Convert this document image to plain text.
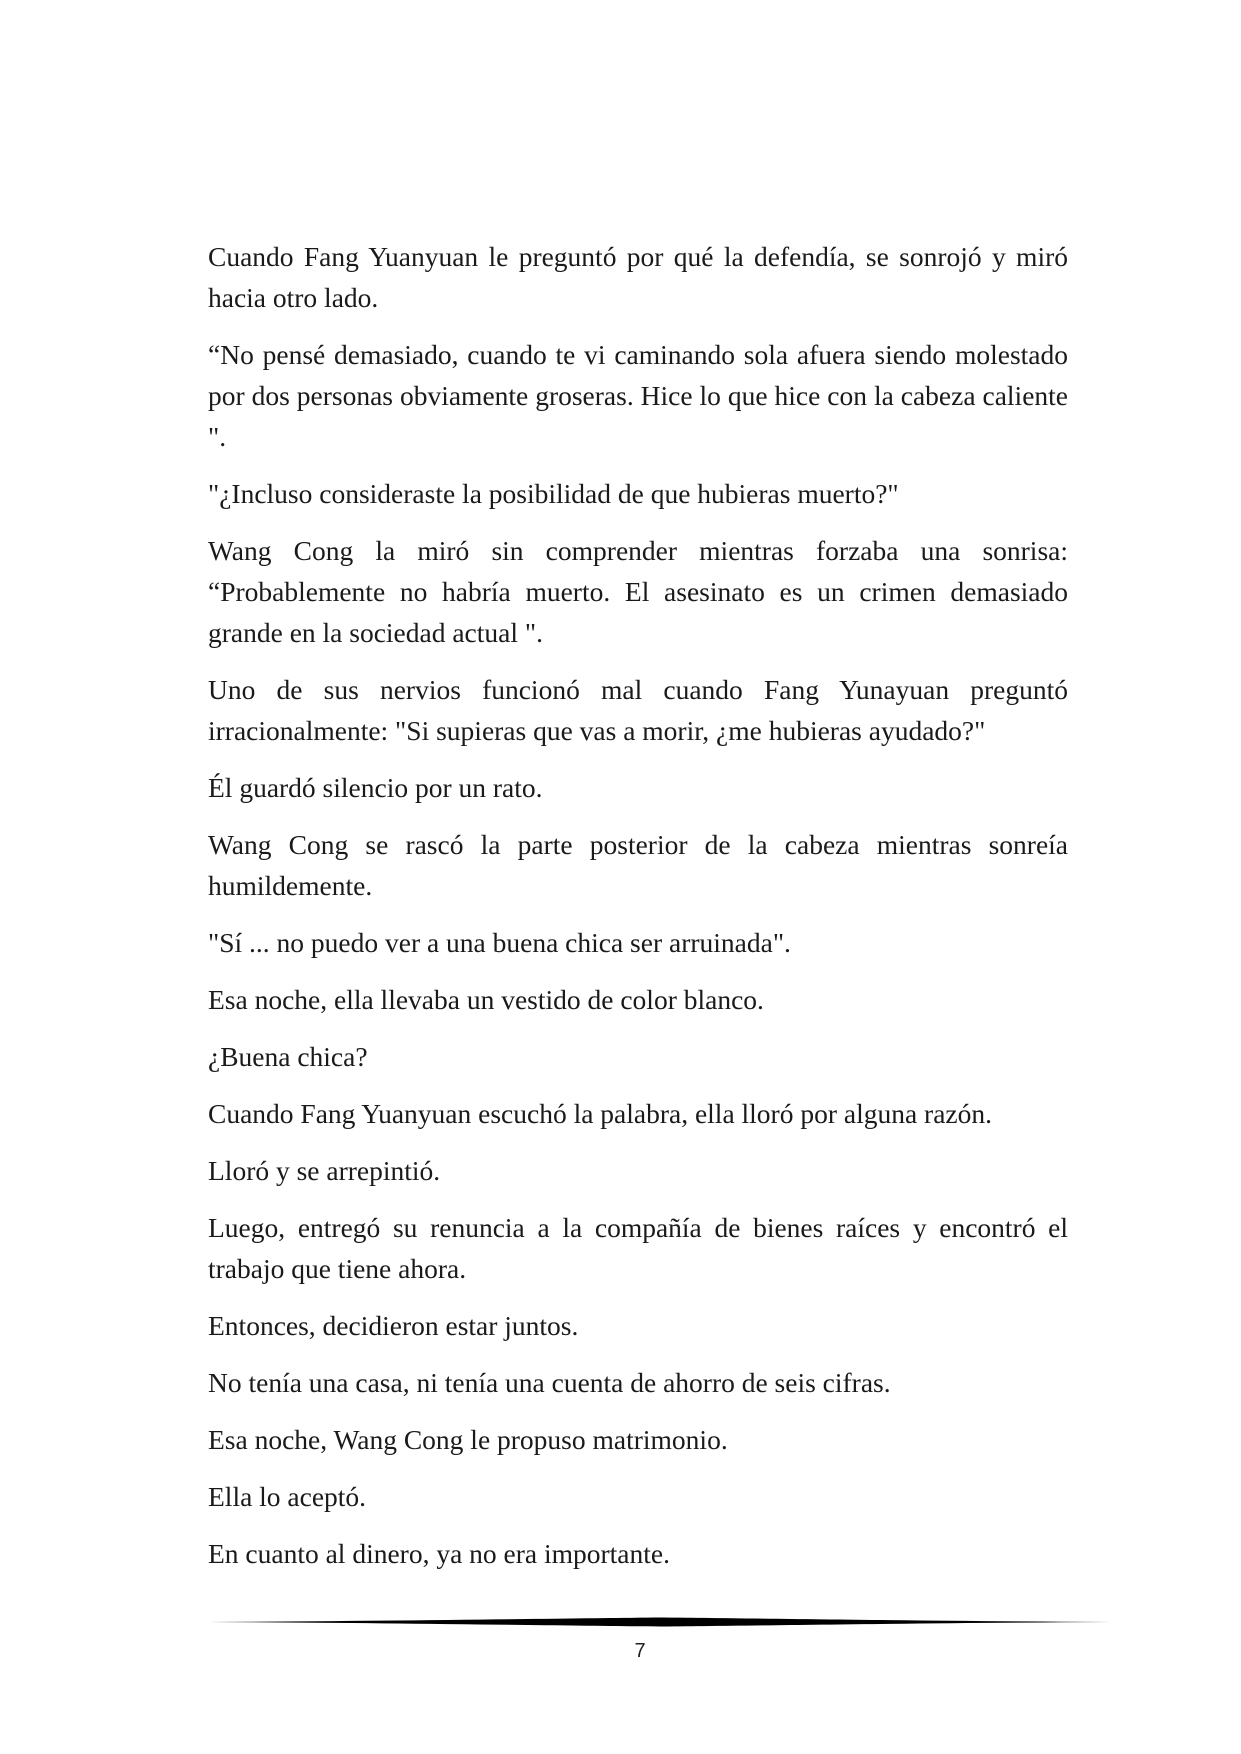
Cuando Fang Yuanyuan le preguntó por qué la defendía, se sonrojó y miró hacia otro lado.

“No pensé demasiado, cuando te vi caminando sola afuera siendo molestado por dos personas obviamente groseras. Hice lo que hice con la cabeza caliente ".

"¿Incluso consideraste la posibilidad de que hubieras muerto?"

Wang Cong la miró sin comprender mientras forzaba una sonrisa: “Probablemente no habría muerto. El asesinato es un crimen demasiado grande en la sociedad actual ".

Uno de sus nervios funcionó mal cuando Fang Yunayuan preguntó irracionalmente: "Si supieras que vas a morir, ¿me hubieras ayudado?"

Él guardó silencio por un rato.

Wang Cong se rascó la parte posterior de la cabeza mientras sonreía humildemente.

"Sí ... no puedo ver a una buena chica ser arruinada".

Esa noche, ella llevaba un vestido de color blanco.

¿Buena chica?

Cuando Fang Yuanyuan escuchó la palabra, ella lloró por alguna razón.

Lloró y se arrepintió.

Luego, entregó su renuncia a la compañía de bienes raíces y encontró el trabajo que tiene ahora.

Entonces, decidieron estar juntos.

No tenía una casa, ni tenía una cuenta de ahorro de seis cifras.

Esa noche, Wang Cong le propuso matrimonio.

Ella lo aceptó.

En cuanto al dinero, ya no era importante.

7
